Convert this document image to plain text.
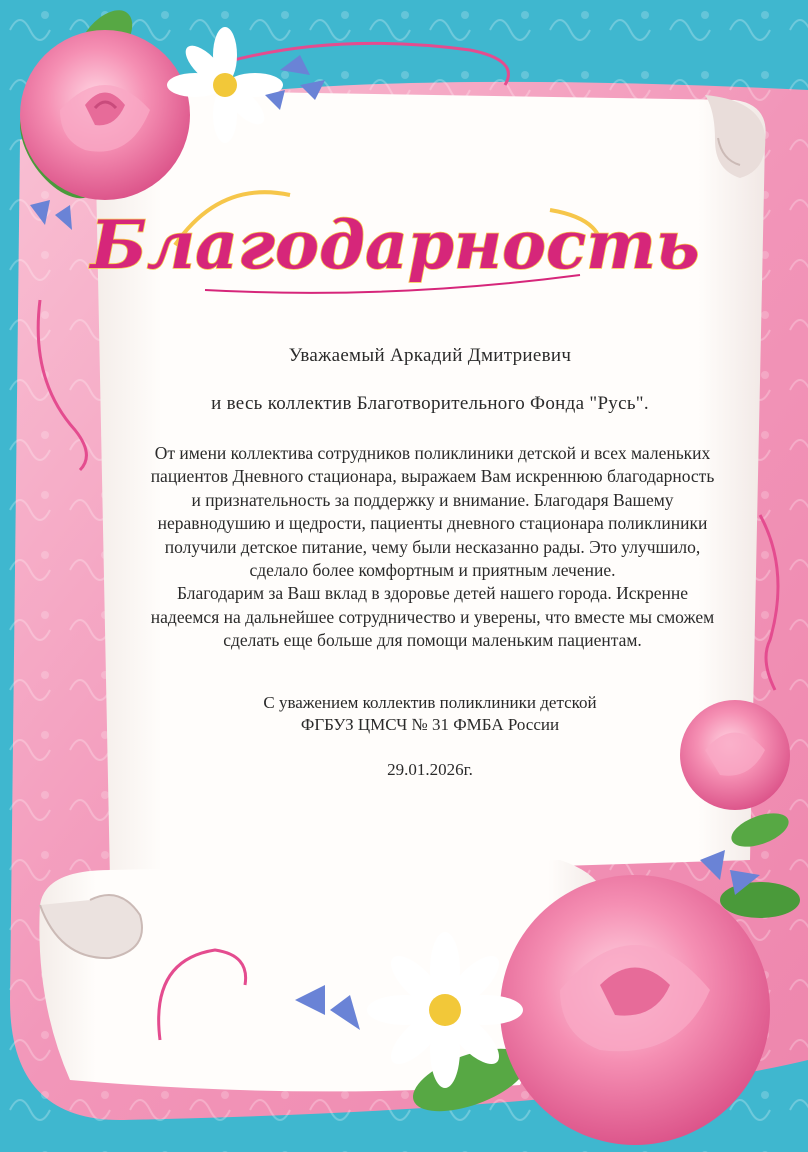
Благодарность
Уважаемый Аркадий Дмитриевич
и весь коллектив Благотворительного Фонда "Русь".
От имени коллектива сотрудников поликлиники детской и всех маленьких
пациентов Дневного стационара, выражаем Вам искреннюю благодарность
и признательность за поддержку и внимание. Благодаря Вашему
неравнодушию и щедрости, пациенты дневного стационара поликлиники
получили детское питание, чему были несказанно рады. Это улучшило,
сделало более комфортным и приятным лечение.
Благодарим за Ваш вклад в здоровье детей нашего города. Искренне
надеемся на дальнейшее сотрудничество и уверены, что вместе мы сможем
сделать еще больше для помощи маленьким пациентам.
С уважением коллектив поликлиники детской
ФГБУЗ ЦМСЧ № 31 ФМБА России
29.01.2026г.
